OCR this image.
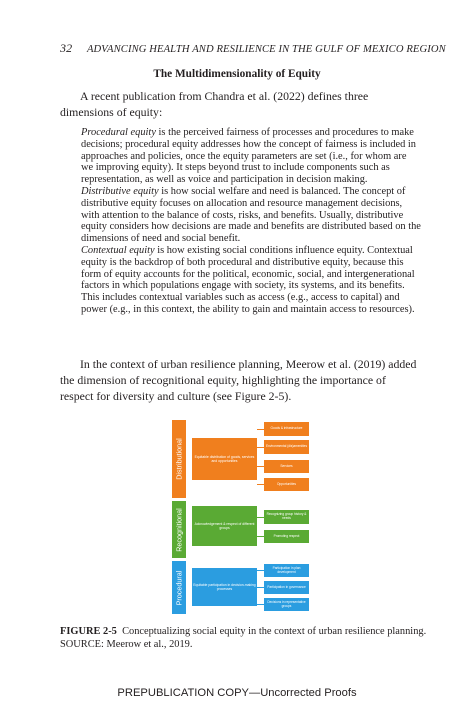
32 ADVANCING HEALTH AND RESILIENCE IN THE GULF OF MEXICO REGION
The Multidimensionality of Equity
A recent publication from Chandra et al. (2022) defines three dimensions of equity:

Procedural equity is the perceived fairness of processes and procedures to make decisions; procedural equity addresses how the concept of fairness is included in approaches and policies, once the equity parameters are set (i.e., for whom are we improving equity). It steps beyond trust to include components such as representation, as well as voice and participation in decision making.

Distributive equity is how social welfare and need is balanced. The concept of distributive equity focuses on allocation and resource management decisions, with attention to the balance of costs, risks, and benefits. Usually, distributive equity considers how decisions are made and benefits are distributed based on the dimensions of need and social benefit.

Contextual equity is how existing social conditions influence equity. Contextual equity is the backdrop of both procedural and distributive equity, because this form of equity accounts for the political, economic, social, and intergenerational factors in which populations engage with society, its systems, and its benefits. This includes contextual variables such as access (e.g., access to capital) and power (e.g., in this context, the ability to gain and maintain access to resources).

In the context of urban resilience planning, Meerow et al. (2019) added the dimension of recognitional equity, highlighting the importance of respect for diversity and culture (see Figure 2-5).
Distributional	Equitable distribution of goods, services and opportunities
Goods & infrastructure
Environmental (dis)amenities
Services
Opportunities
Recognitional	Acknowledgement & respect of different groups
Recognizing group history & needs
Promoting respect
Procedural	Equitable participation in decision-making processes
Participation in plan development
Participation in governance
Decisions in representative groups
FIGURE 2-5 Conceptualizing social equity in the context of urban resilience planning.
SOURCE: Meerow et al., 2019.
PREPUBLICATION COPY—Uncorrected Proofs
